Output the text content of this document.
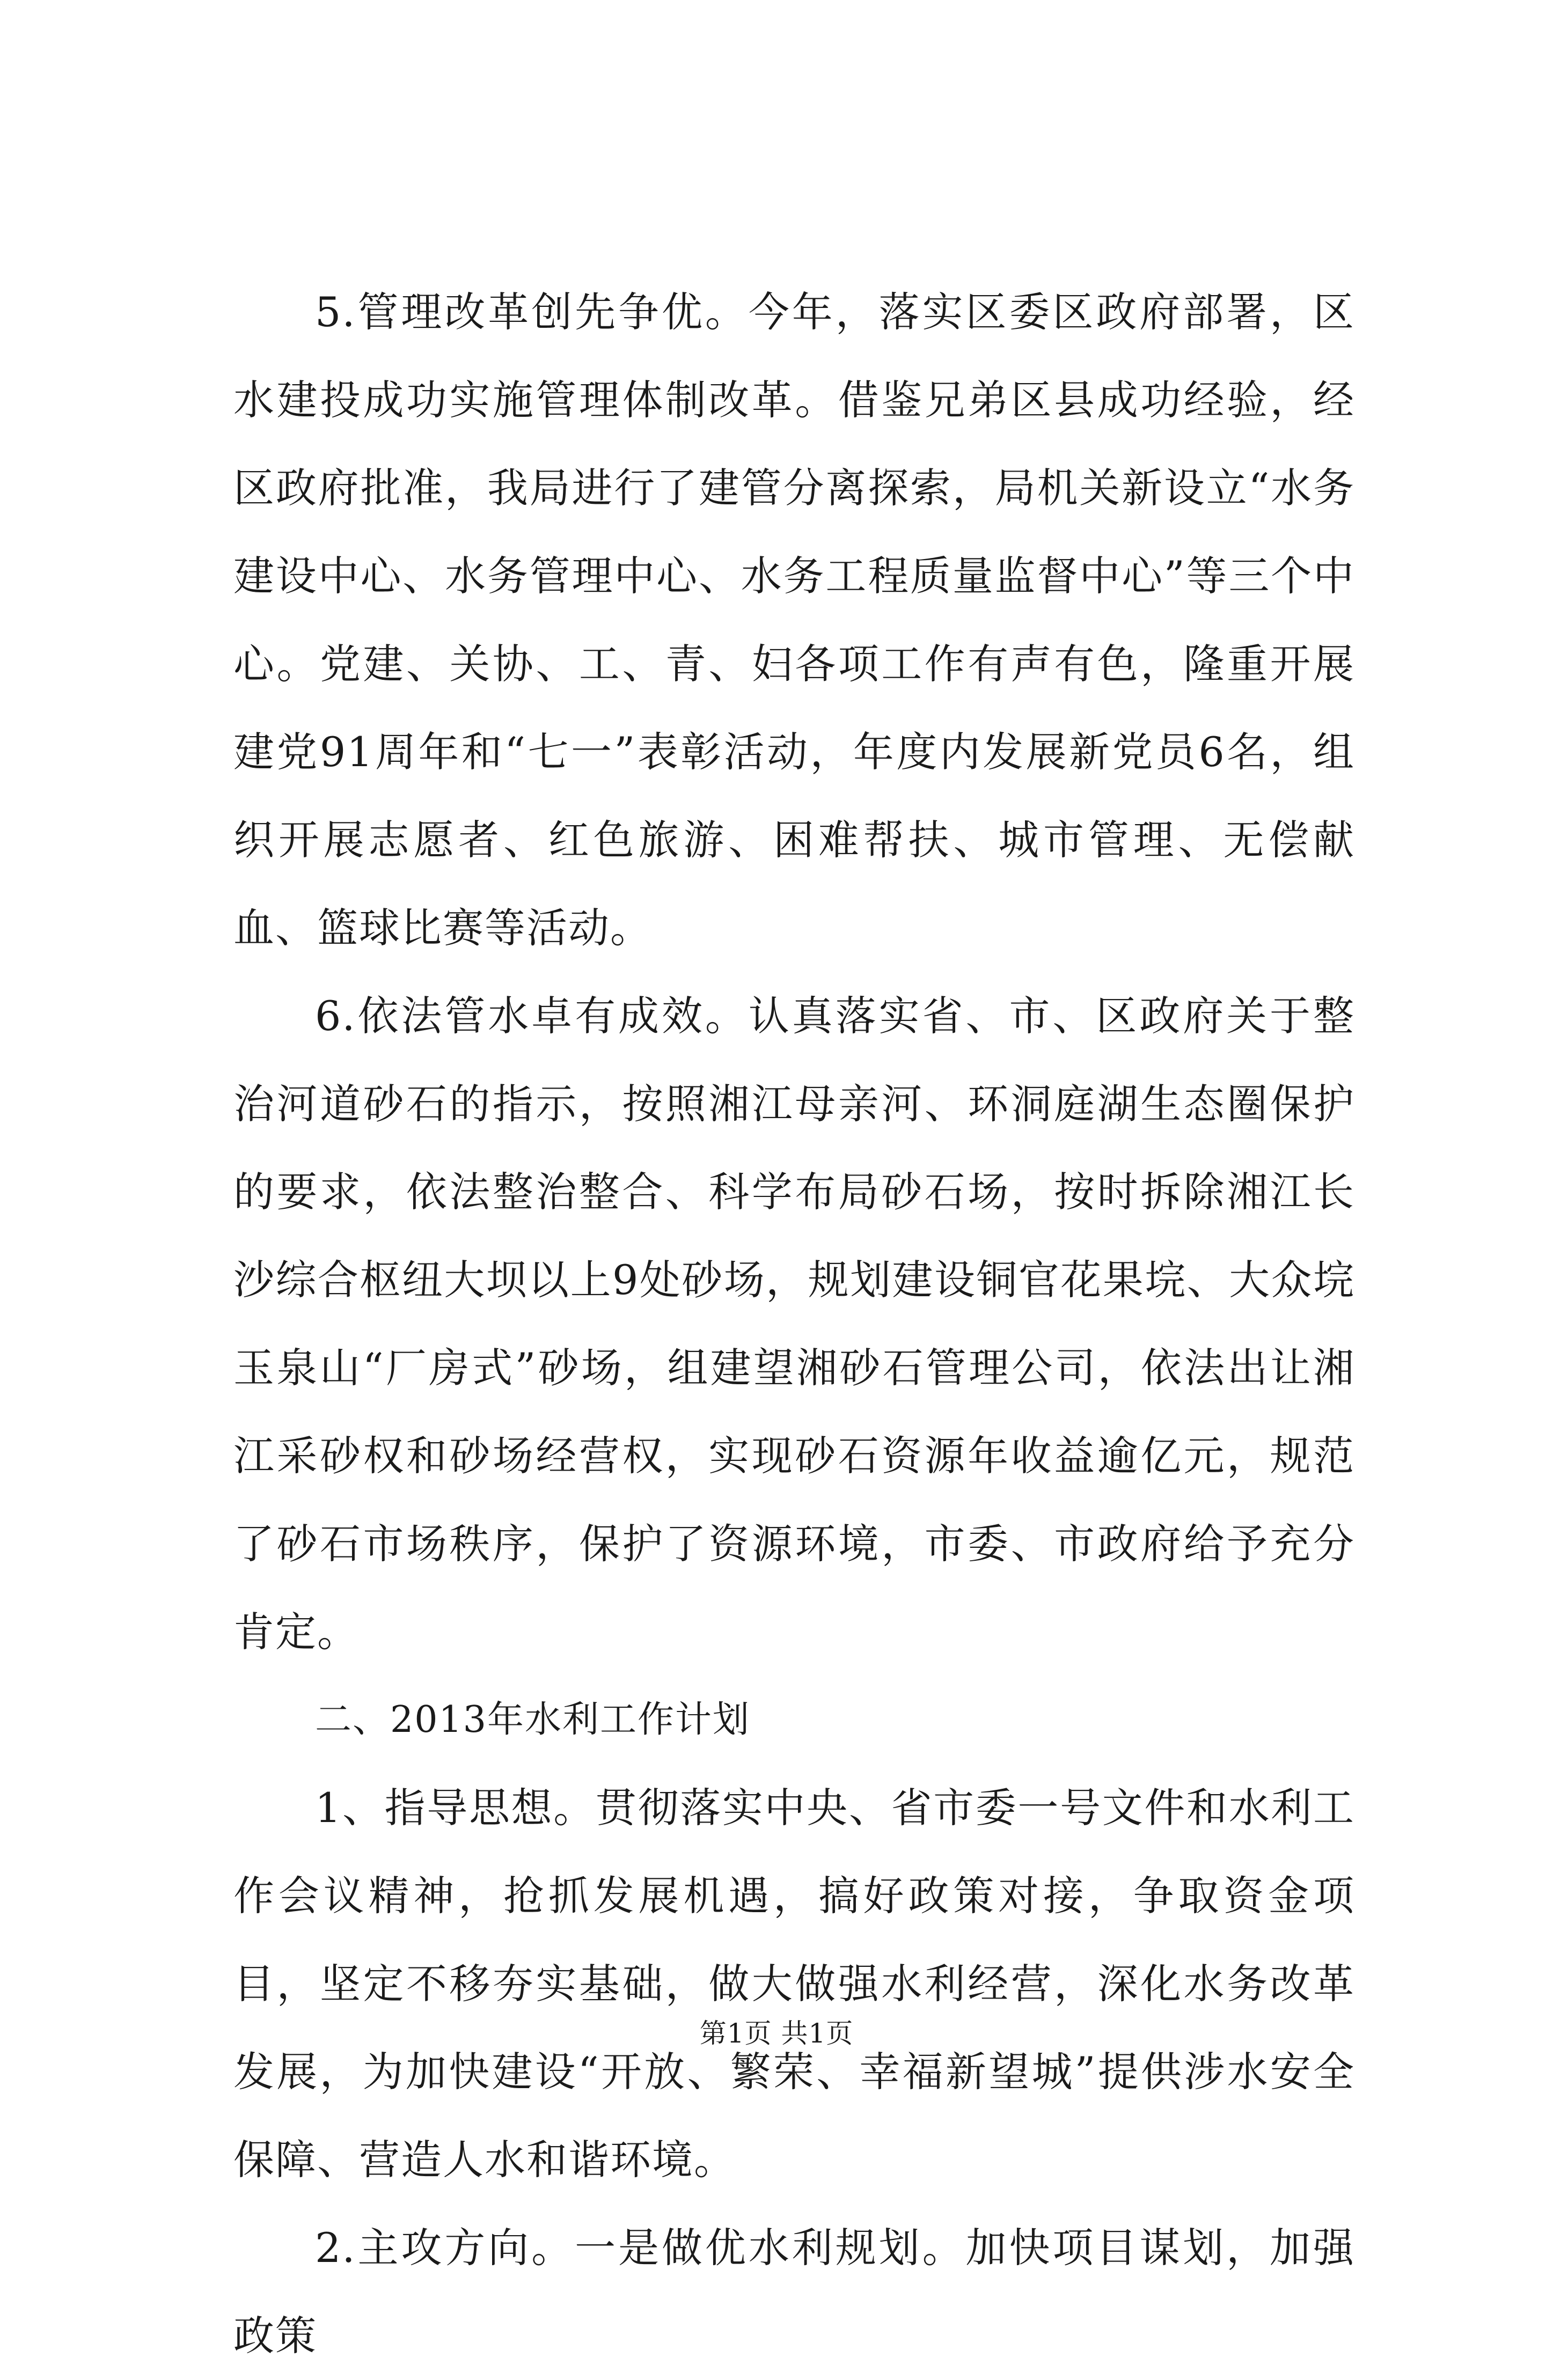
5.管理改革创先争优。今年，落实区委区政府部署，区水建投成功实施管理体制改革。借鉴兄弟区县成功经验，经区政府批准，我局进行了建管分离探索，局机关新设立“水务建设中心、水务管理中心、水务工程质量监督中心”等三个中心。党建、关协、工、青、妇各项工作有声有色，隆重开展建党91周年和“七一”表彰活动，年度内发展新党员6名，组织开展志愿者、红色旅游、困难帮扶、城市管理、无偿献血、篮球比赛等活动。

6.依法管水卓有成效。认真落实省、市、区政府关于整治河道砂石的指示，按照湘江母亲河、环洞庭湖生态圈保护的要求，依法整治整合、科学布局砂石场，按时拆除湘江长沙综合枢纽大坝以上9处砂场，规划建设铜官花果垸、大众垸玉泉山“厂房式”砂场，组建望湘砂石管理公司，依法出让湘江采砂权和砂场经营权，实现砂石资源年收益逾亿元，规范了砂石市场秩序，保护了资源环境，市委、市政府给予充分肯定。

二、2013年水利工作计划

1、指导思想。贯彻落实中央、省市委一号文件和水利工作会议精神，抢抓发展机遇，搞好政策对接，争取资金项目，坚定不移夯实基础，做大做强水利经营，深化水务改革发展，为加快建设“开放、繁荣、幸福新望城”提供涉水安全保障、营造人水和谐环境。

2.主攻方向。一是做优水利规划。加快项目谋划，加强政策

第1页 共1页
